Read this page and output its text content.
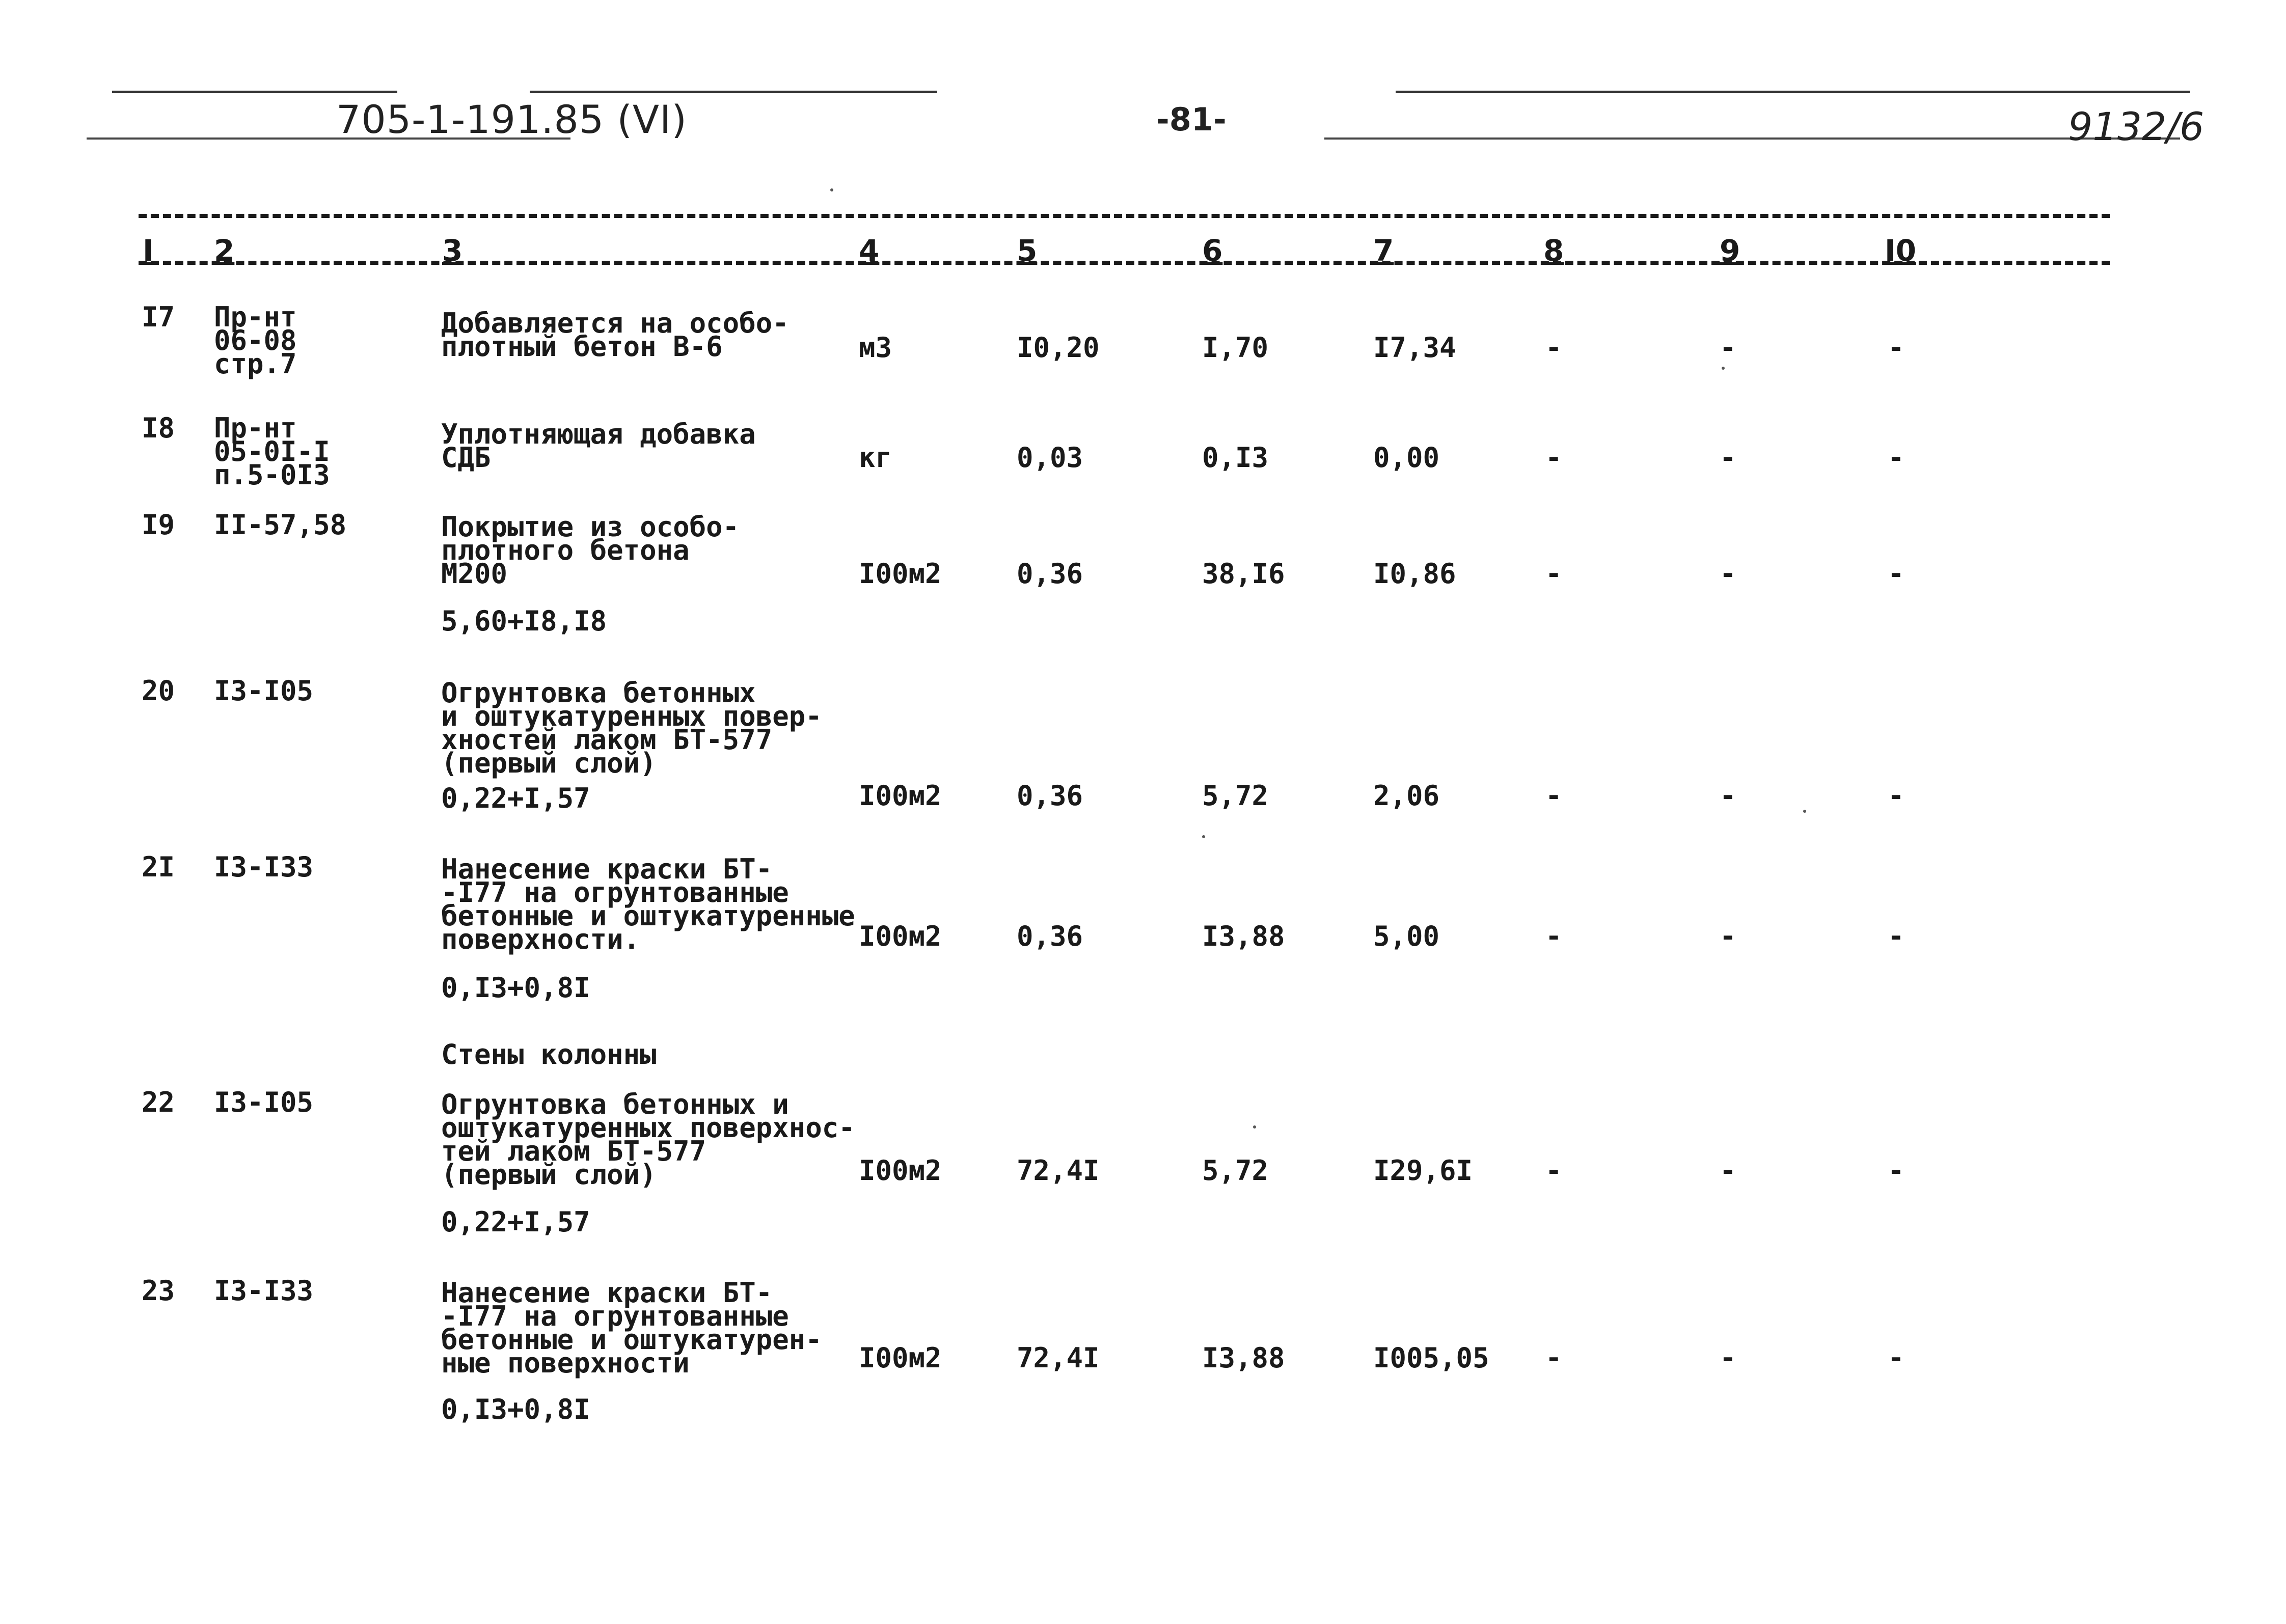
705-1-191.85 (VI)	-81-	9132/6
I 2	3	4	5	6	7	8	9	I0
I7 Пр-нт
06-08
стр.7
Добавляется на особо-
плотный бетон В-6	м3	I0,20	I,70	I7,34	-	-	-
I8 Пр-нт
05-0I-I
п.5-0I3
Уплотняющая добавка
СДБ	кг	0,03	0,I3	0,00	-	-	-
I9 II-57,58	Покрытие из особо-
плотного бетона
М200
5,60+I8,I8
I00м2	0,36	38,I6	I0,86	-	-	-
20 I3-I05	Огрунтовка бетонных
и оштукатуренных повер-
хностей лаком БТ-577
(первый слой)
0,22+I,57	I00м2	0,36	5,72	2,06	-	-	-
2I I3-I33	Нанесение краски БТ-
-I77 на огрунтованные
бетонные и оштукатуренные
поверхности.
0,I3+0,8I
I00м2	0,36	I3,88	5,00	-	-	-
Стены колонны
22 I3-I05	Огрунтовка бетонных и
оштукатуренных поверхнос-
тей лаком БТ-577
(первый слой)
0,22+I,57
I00м2	72,4I	5,72	I29,6I	-	-	-
23 I3-I33	Нанесение краски БТ-
-I77 на огрунтованные
бетонные и оштукатурен-
ные поверхности
0,I3+0,8I
I00м2	72,4I	I3,88	I005,05 -	-	-
